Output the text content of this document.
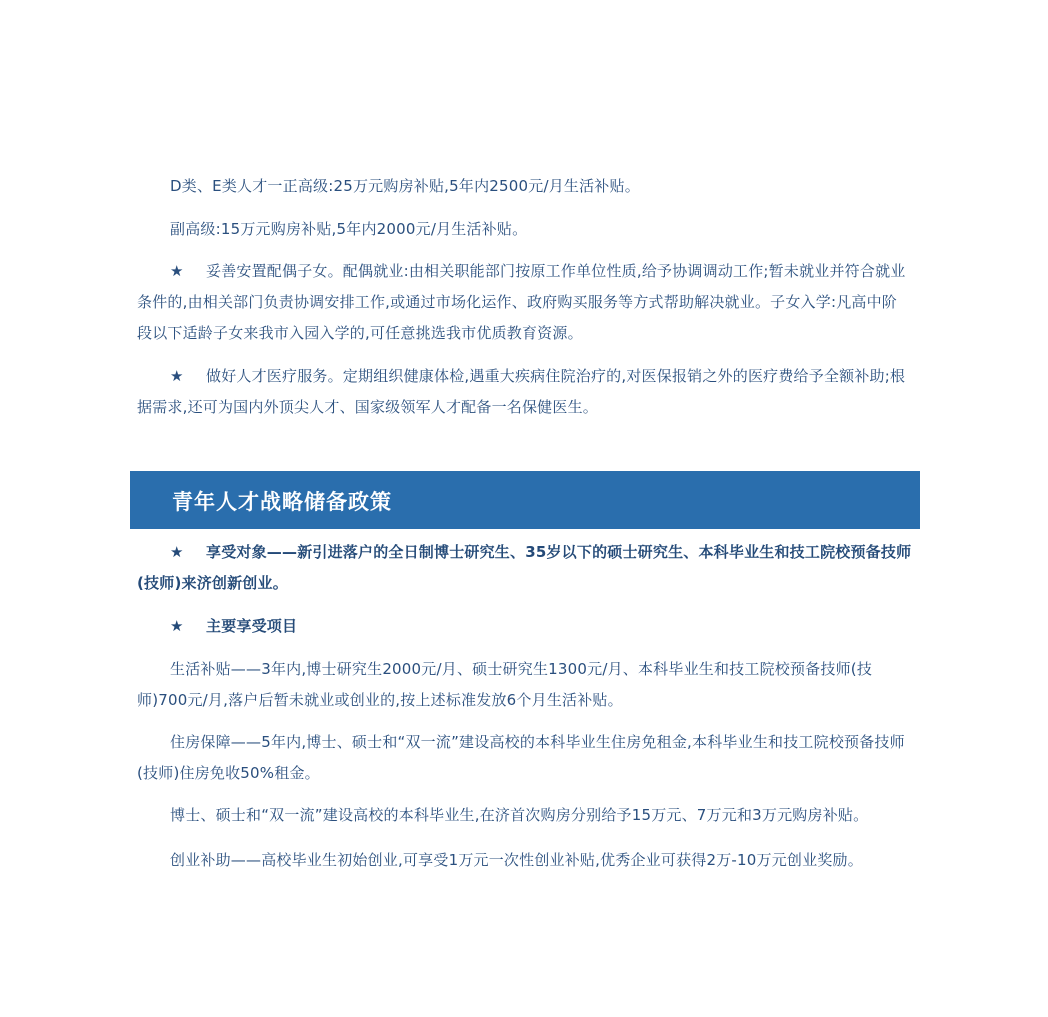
D类、E类人才一正高级:25万元购房补贴,5年内2500元/月生活补贴。

副高级:15万元购房补贴,5年内2000元/月生活补贴。

★ 妥善安置配偶子女。配偶就业:由相关职能部门按原工作单位性质,给予协调调动工作;暂未就业并符合就业条件的,由相关部门负责协调安排工作,或通过市场化运作、政府购买服务等方式帮助解决就业。子女入学:凡高中阶段以下适龄子女来我市入园入学的,可任意挑选我市优质教育资源。

★ 做好人才医疗服务。定期组织健康体检,遇重大疾病住院治疗的,对医保报销之外的医疗费给予全额补助;根据需求,还可为国内外顶尖人才、国家级领军人才配备一名保健医生。

青年人才战略储备政策

★ 享受对象——新引进落户的全日制博士研究生、35岁以下的硕士研究生、本科毕业生和技工院校预备技师(技师)来济创新创业。

★ 主要享受项目

生活补贴——3年内,博士研究生2000元/月、硕士研究生1300元/月、本科毕业生和技工院校预备技师(技师)700元/月,落户后暂未就业或创业的,按上述标准发放6个月生活补贴。

住房保障——5年内,博士、硕士和“双一流”建设高校的本科毕业生住房免租金,本科毕业生和技工院校预备技师(技师)住房免收50%租金。

博士、硕士和“双一流”建设高校的本科毕业生,在济首次购房分别给予15万元、7万元和3万元购房补贴。

创业补助——高校毕业生初始创业,可享受1万元一次性创业补贴,优秀企业可获得2万-10万元创业奖励。
